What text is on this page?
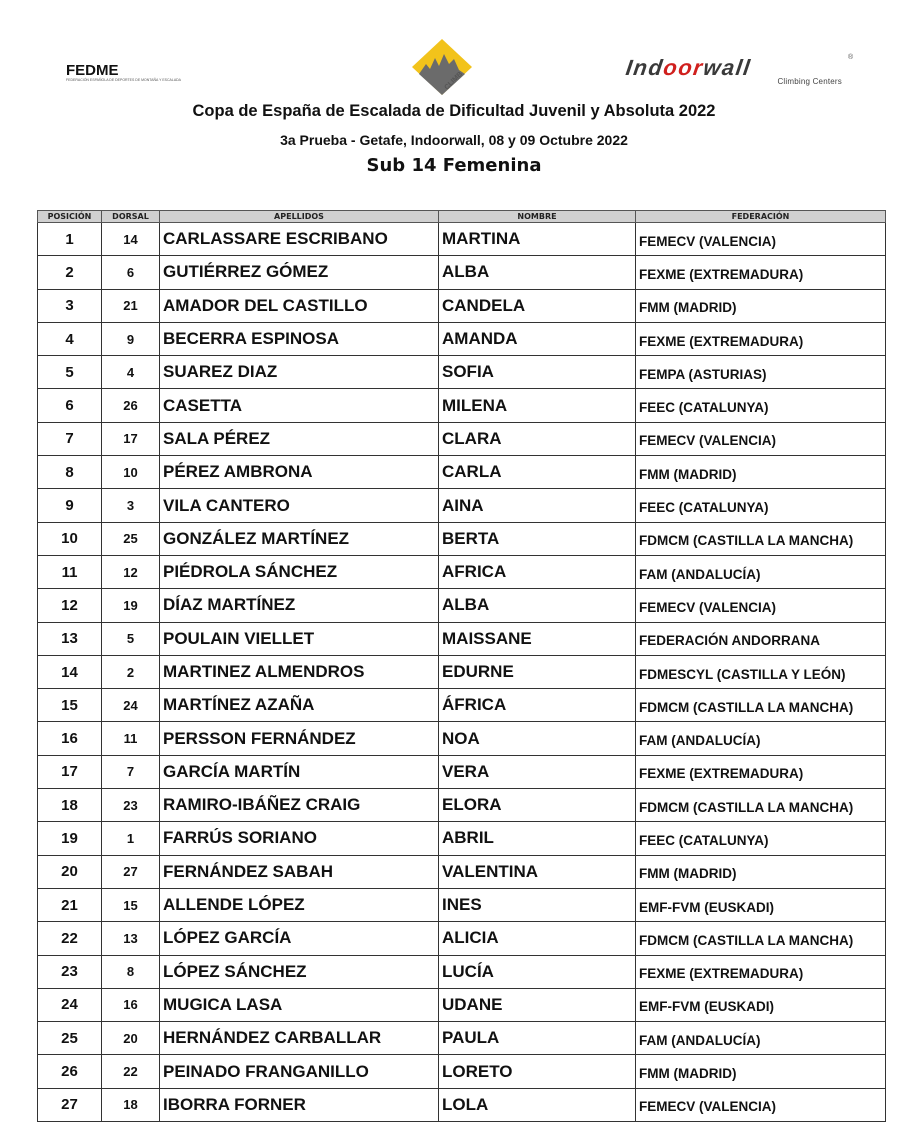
FEDME
FEDERACIÓN ESPAÑOLA DE DEPORTES DE MONTAÑA Y ESCALADA	CLIMB
Indoorwall	®
Climbing Centers
Copa de España de Escalada de Dificultad Juvenil y Absoluta 2022
3a Prueba - Getafe, Indoorwall, 08 y 09 Octubre 2022
Sub 14 Femenina
POSICIÓN	DORSAL	APELLIDOS	NOMBRE	FEDERACIÓN
1	14	CARLASSARE ESCRIBANO	MARTINA	FEMECV (VALENCIA)
2	6	GUTIÉRREZ GÓMEZ	ALBA	FEXME (EXTREMADURA)
3	21	AMADOR DEL CASTILLO	CANDELA	FMM (MADRID)
4	9	BECERRA ESPINOSA	AMANDA	FEXME (EXTREMADURA)
5	4	SUAREZ DIAZ	SOFIA	FEMPA (ASTURIAS)
6	26	CASETTA	MILENA	FEEC (CATALUNYA)
7	17	SALA PÉREZ	CLARA	FEMECV (VALENCIA)
8	10	PÉREZ AMBRONA	CARLA	FMM (MADRID)
9	3	VILA CANTERO	AINA	FEEC (CATALUNYA)
10	25	GONZÁLEZ MARTÍNEZ	BERTA	FDMCM (CASTILLA LA MANCHA)
11	12	PIÉDROLA SÁNCHEZ	AFRICA	FAM (ANDALUCÍA)
12	19	DÍAZ MARTÍNEZ	ALBA	FEMECV (VALENCIA)
13	5	POULAIN VIELLET	MAISSANE	FEDERACIÓN ANDORRANA
14	2	MARTINEZ ALMENDROS	EDURNE	FDMESCYL (CASTILLA Y LEÓN)
15	24	MARTÍNEZ AZAÑA	ÁFRICA	FDMCM (CASTILLA LA MANCHA)
16	11	PERSSON FERNÁNDEZ	NOA	FAM (ANDALUCÍA)
17	7	GARCÍA MARTÍN	VERA	FEXME (EXTREMADURA)
18	23	RAMIRO-IBÁÑEZ CRAIG	ELORA	FDMCM (CASTILLA LA MANCHA)
19	1	FARRÚS SORIANO	ABRIL	FEEC (CATALUNYA)
20	27	FERNÁNDEZ SABAH	VALENTINA	FMM (MADRID)
21	15	ALLENDE LÓPEZ	INES	EMF-FVM (EUSKADI)
22	13	LÓPEZ GARCÍA	ALICIA	FDMCM (CASTILLA LA MANCHA)
23	8	LÓPEZ SÁNCHEZ	LUCÍA	FEXME (EXTREMADURA)
24	16	MUGICA LASA	UDANE	EMF-FVM (EUSKADI)
25	20	HERNÁNDEZ CARBALLAR	PAULA	FAM (ANDALUCÍA)
26	22	PEINADO FRANGANILLO	LORETO	FMM (MADRID)
27	18	IBORRA FORNER	LOLA	FEMECV (VALENCIA)
